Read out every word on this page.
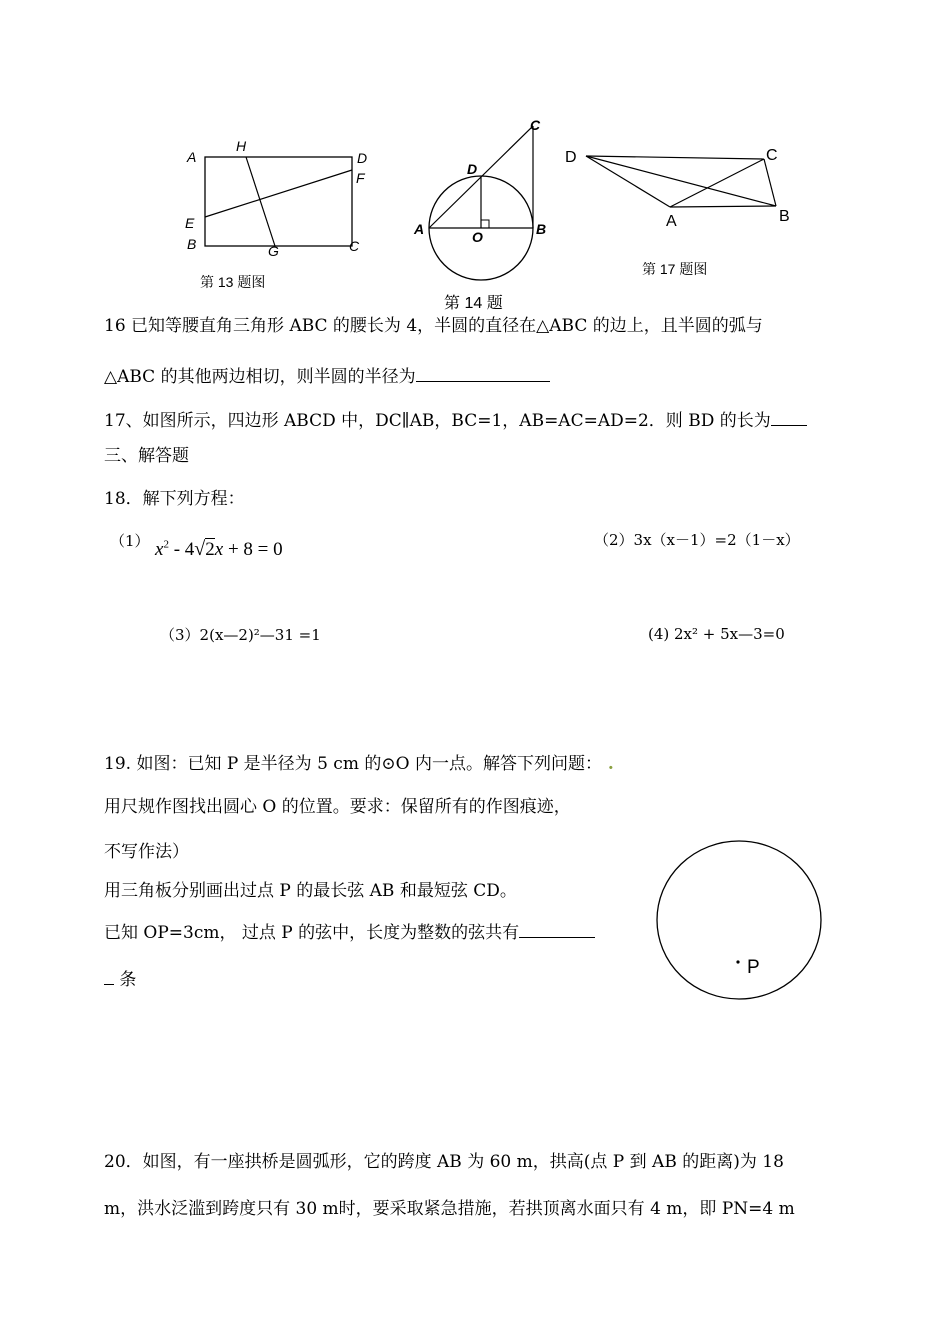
A
H
D
F
E
B	G	C
第 13 题图
C
D
A	O	B
第 14 题
D	C
A	B
第 17 题图
16 已知等腰直角三角形 ABC 的腰长为 4，半圆的直径在△ABC 的边上，且半圆的弧与
△ABC 的其他两边相切，则半圆的半径为
17、如图所示，四边形 ABCD 中，DC∥AB，BC=1，AB=AC=AD=2．则 BD 的长为
三、解答题
18．解下列方程：
（1） $x^2 - 4√2x + 8 = 0$	（2）3x（x－1）=2（1－x）
（3）2(x—2)²—31 =1	(4) 2x² + 5x—3=0
19. 如图：已知 P 是半径为 5 cm 的⊙O 内一点。解答下列问题： .
用尺规作图找出圆心 O 的位置。要求：保留所有的作图痕迹，
不写作法）
用三角板分别画出过点 P 的最长弦 AB 和最短弦 CD。
已知 OP=3cm， 过点 P 的弦中，长度为整数的弦共有
条
P
20．如图，有一座拱桥是圆弧形，它的跨度 AB 为 60 m，拱高(点 P 到 AB 的距离)为 18
m，洪水泛滥到跨度只有 30 m时，要采取紧急措施，若拱顶离水面只有 4 m，即 PN=4 m
